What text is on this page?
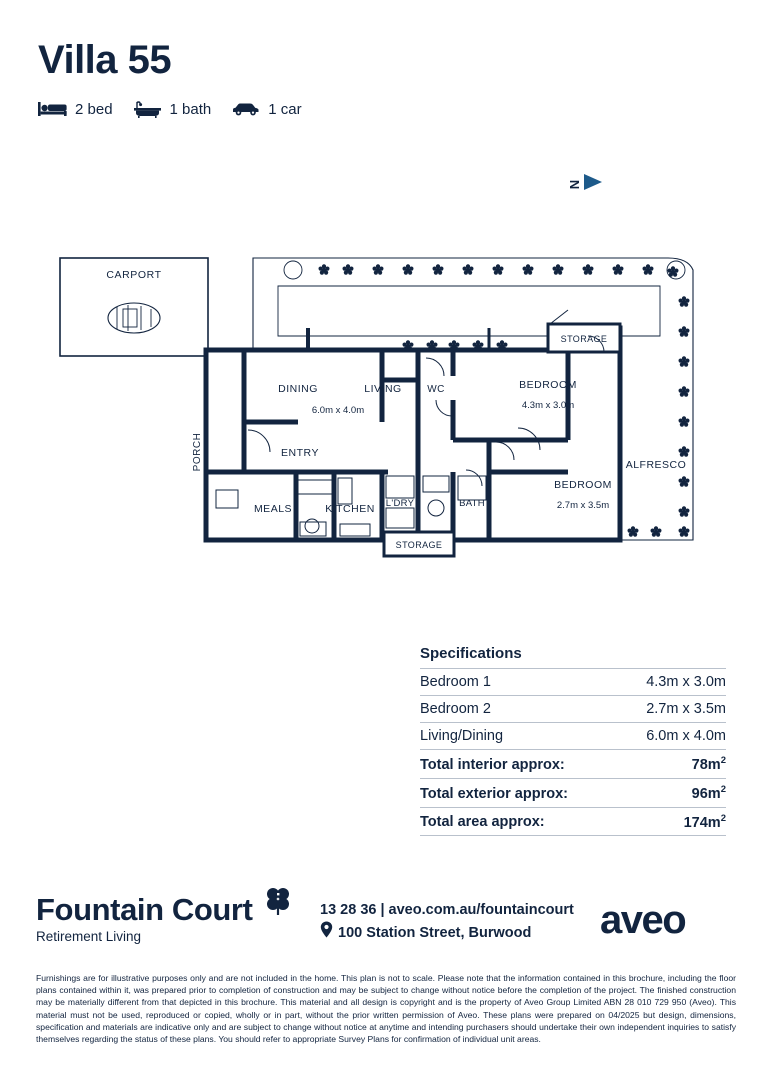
Villa 55
2 bed	1 bath	1 car
N
CARPORT
STORAGE
STORAGE
DINING	LIVING
6.0m x 4.0m
WC	BEDROOM
4.3m x 3.0m
ALFRESCO
BEDROOM
2.7m x 3.5m
PORCH	ENTRY
MEALS	KITCHEN L'DRY	BATH
Specifications
Bedroom 1	4.3m x 3.0m
Bedroom 2	2.7m x 3.5m
Living/Dining	6.0m x 4.0m
Total interior approx:	$78m^2$
Total exterior approx:	$96m^2$
Total area approx:	$174m^2$
Fountain Court
Retirement Living
13 28 36 | aveo.com.au/fountaincourt
100 Station Street, Burwood aveo
Furnishings are for illustrative purposes only and are not included in the home. This plan is not to scale. Please note that the information contained in this brochure, including the floor plans contained within it, was prepared prior to completion of construction and may be subject to change without notice before the completion of the project. The finished construction may be materially different from that depicted in this brochure. This material and all design is copyright and is the property of Aveo Group Limited ABN 28 010 729 950 (Aveo). This material must not be used, reproduced or copied, wholly or in part, without the prior written permission of Aveo. These plans were prepared on 04/2025 but design, dimensions, specification and materials are indicative only and are subject to change without notice at anytime and intending purchasers should undertake their own independent inquiries to satisfy themselves regarding the status of these plans. You should refer to appropriate Survey Plans for confirmation of individual unit areas.
